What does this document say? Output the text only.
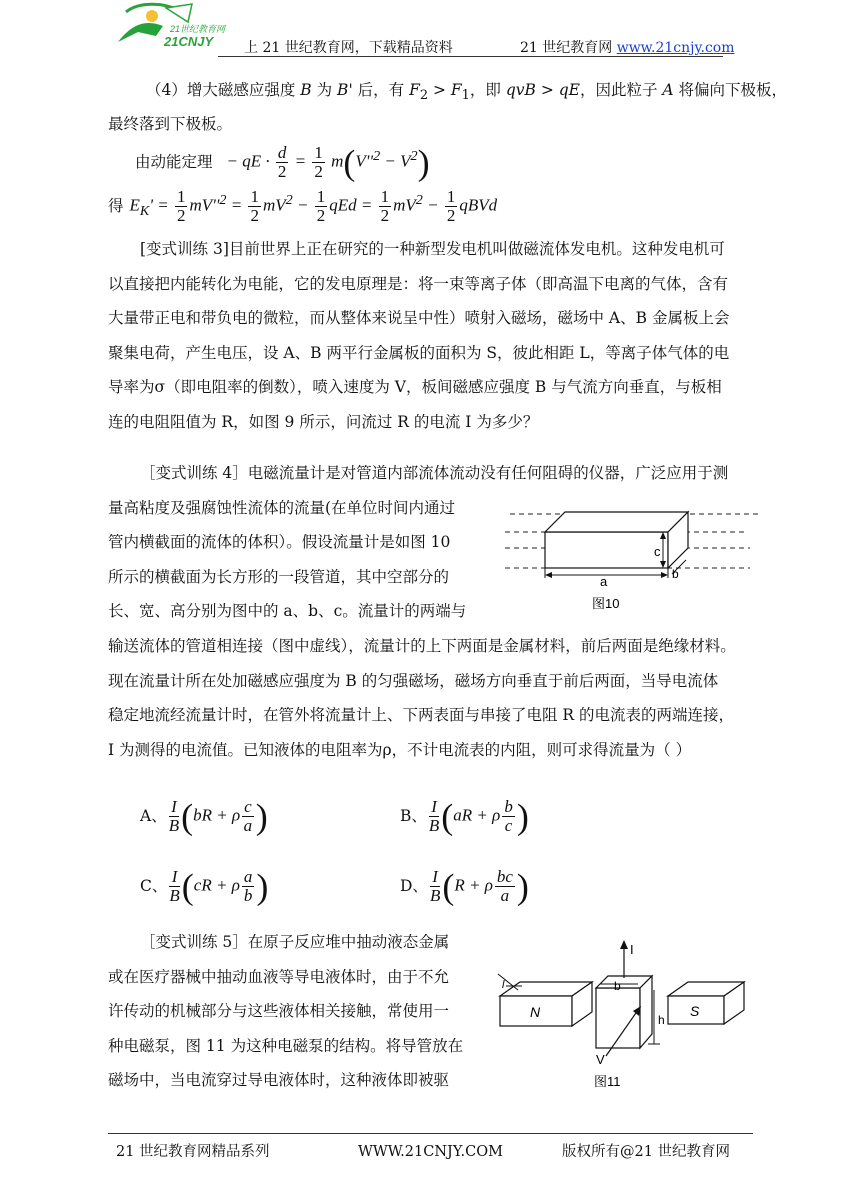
21世纪教育网
21CNJY 上 21 世纪教育网，下载精品资料	21 世纪教育网 www.21cnjy.com
（4）增大磁感应强度 B 为 B' 后，有 $F_2 > F_1$，即 qvB > qE，因此粒子 A 将偏向下极板，
最终落到下极板。
由动能定理 − qE · $\frac{d}{2} = \frac{1}{2} m(V''^2 - V^2)$
得 $E_K' = \frac{1}{2} mV''^2 = \frac{1}{2} mV^2 - \frac{1}{2}$ qEd = $\frac{1}{2} mV^2 - \frac{1}{2}$ qBVd
[变式训练 3]目前世界上正在研究的一种新型发电机叫做磁流体发电机。这种发电机可
以直接把内能转化为电能，它的发电原理是：将一束等离子体（即高温下电离的气体，含有
大量带正电和带负电的微粒，而从整体来说呈中性）喷射入磁场，磁场中 A、B 金属板上会
聚集电荷，产生电压，设 A、B 两平行金属板的面积为 S，彼此相距 L，等离子体气体的电
导率为σ（即电阻率的倒数），喷入速度为 V，板间磁感应强度 B 与气流方向垂直，与板相
连的电阻阻值为 R，如图 9 所示，问流过 R 的电流 I 为多少？
［变式训练 4］电磁流量计是对管道内部流体流动没有任何阻碍的仪器，广泛应用于测
量高粘度及强腐蚀性流体的流量(在单位时间内通过
管内横截面的流体的体积）。假设流量计是如图 10
所示的横截面为长方形的一段管道，其中空部分的
长、宽、高分别为图中的 a、b、c。流量计的两端与
a
c
b
图10
输送流体的管道相连接（图中虚线），流量计的上下两面是金属材料，前后两面是绝缘材料。
现在流量计所在处加磁感应强度为 B 的匀强磁场，磁场方向垂直于前后两面，当导电流体
稳定地流经流量计时，在管外将流量计上、下两表面与串接了电阻 R 的电流表的两端连接，
I 为测得的电流值。已知液体的电阻率为ρ，不计电流表的内阻，则可求得流量为（ ）
A、 $\frac{I}{B} (bR + \rho \frac{c}{a}$ )	B、 $\frac{I}{B} (aR + \rho \frac{b}{c}$ )
C、 $\frac{I}{B} (cR + \rho \frac{a}{b}$ )	D、 $\frac{I}{B} (R + \rho \frac{bc}{a}$ )
［变式训练 5］在原子反应堆中抽动液态金属
或在医疗器械中抽动血液等导电液体时，由于不允
许传动的机械部分与这些液体相关接触，常使用一
种电磁泵，图 11 为这种电磁泵的结构。将导管放在
磁场中，当电流穿过导电液体时，这种液体即被驱
N	S
I
b
h
l
V
图11
21 世纪教育网精品系列	WWW.21CNJY.COM	版权所有@21 世纪教育网
